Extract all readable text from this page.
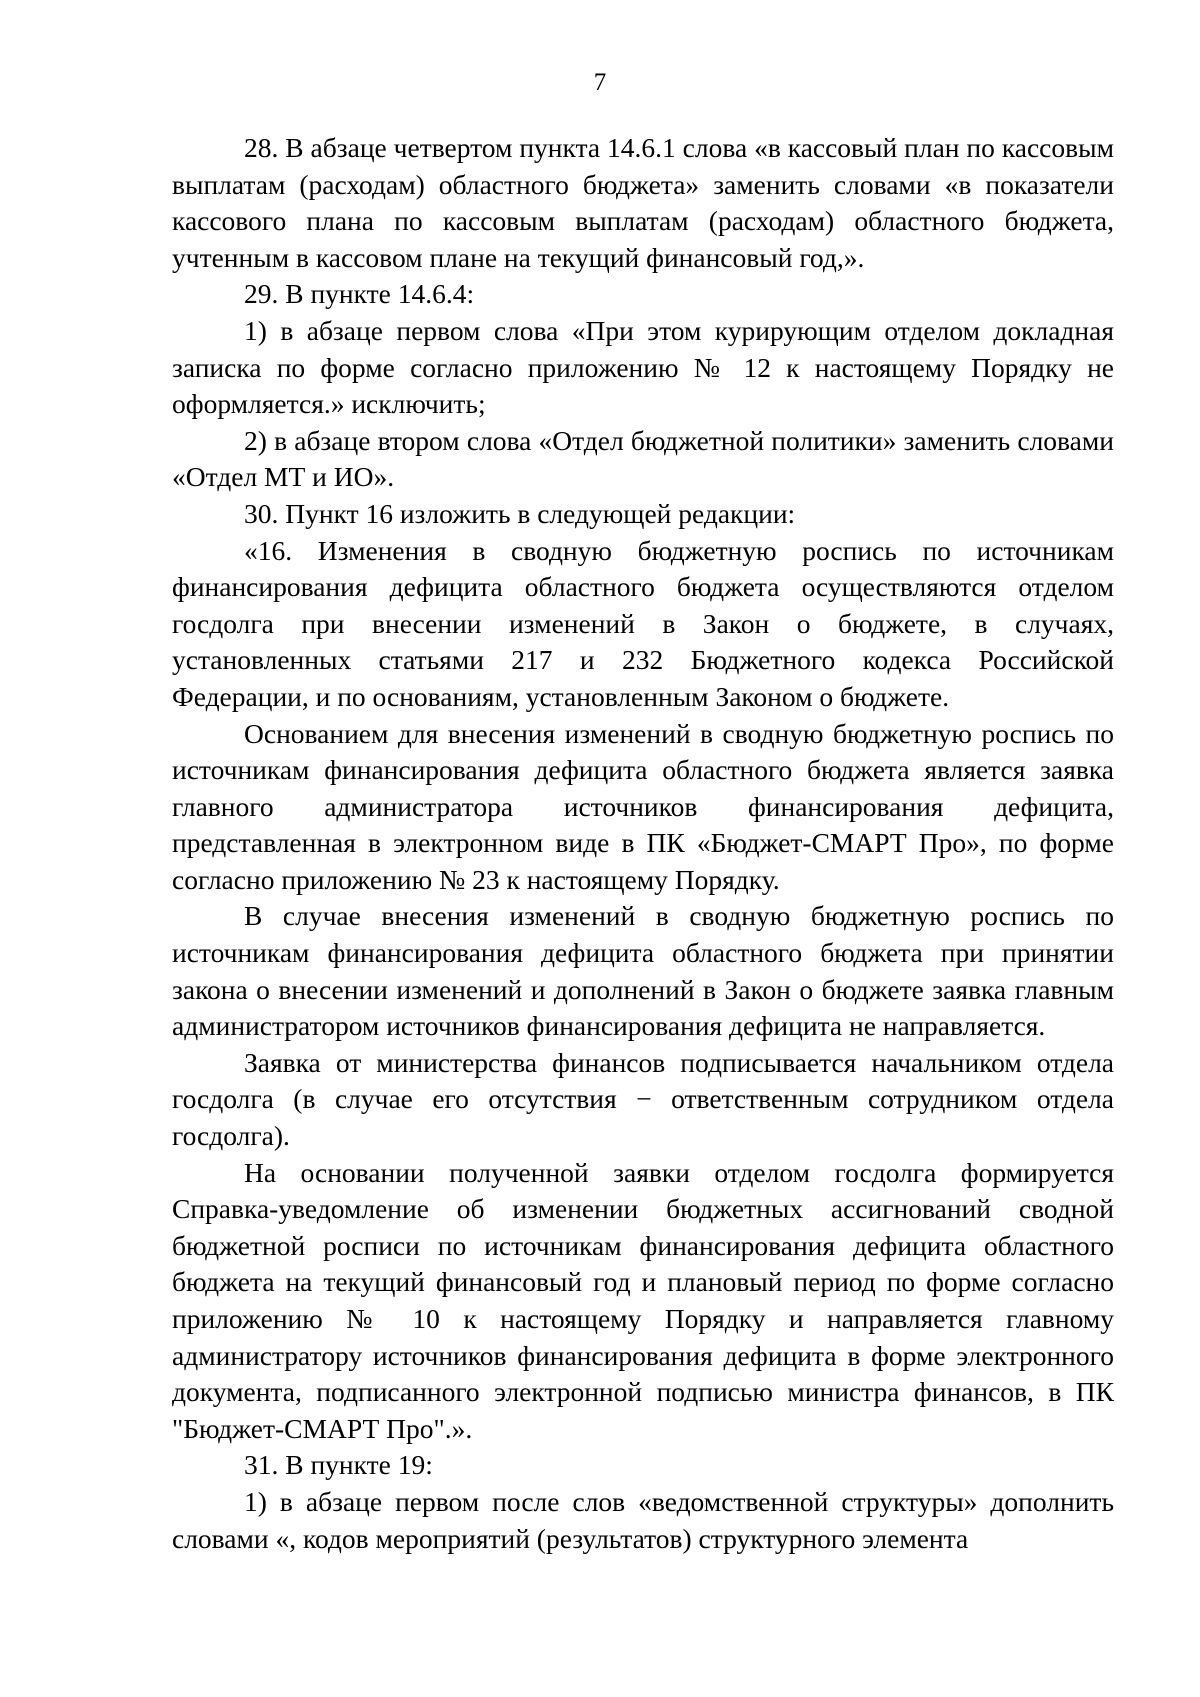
7

28. В абзаце четвертом пункта 14.6.1 слова «в кассовый план по кассовым выплатам (расходам) областного бюджета» заменить словами «в показатели кассового плана по кассовым выплатам (расходам) областного бюджета, учтенным в кассовом плане на текущий финансовый год,».

29. В пункте 14.6.4:

1) в абзаце первом слова «При этом курирующим отделом докладная записка по форме согласно приложению № 12 к настоящему Порядку не оформляется.» исключить;

2) в абзаце втором слова «Отдел бюджетной политики» заменить словами «Отдел МТ и ИО».

30. Пункт 16 изложить в следующей редакции:

«16. Изменения в сводную бюджетную роспись по источникам финансирования дефицита областного бюджета осуществляются отделом госдолга при внесении изменений в Закон о бюджете, в случаях, установленных статьями 217 и 232 Бюджетного кодекса Российской Федерации, и по основаниям, установленным Законом о бюджете.

Основанием для внесения изменений в сводную бюджетную роспись по источникам финансирования дефицита областного бюджета является заявка главного администратора источников финансирования дефицита, представленная в электронном виде в ПК «Бюджет-СМАРТ Про», по форме согласно приложению № 23 к настоящему Порядку.

В случае внесения изменений в сводную бюджетную роспись по источникам финансирования дефицита областного бюджета при принятии закона о внесении изменений и дополнений в Закон о бюджете заявка главным администратором источников финансирования дефицита не направляется.

Заявка от министерства финансов подписывается начальником отдела госдолга (в случае его отсутствия − ответственным сотрудником отдела госдолга).

На основании полученной заявки отделом госдолга формируется Справка-уведомление об изменении бюджетных ассигнований сводной бюджетной росписи по источникам финансирования дефицита областного бюджета на текущий финансовый год и плановый период по форме согласно приложению № 10 к настоящему Порядку и направляется главному администратору источников финансирования дефицита в форме электронного документа, подписанного электронной подписью министра финансов, в ПК "Бюджет-СМАРТ Про".».

31. В пункте 19:

1) в абзаце первом после слов «ведомственной структуры» дополнить словами «, кодов мероприятий (результатов) структурного элемента
